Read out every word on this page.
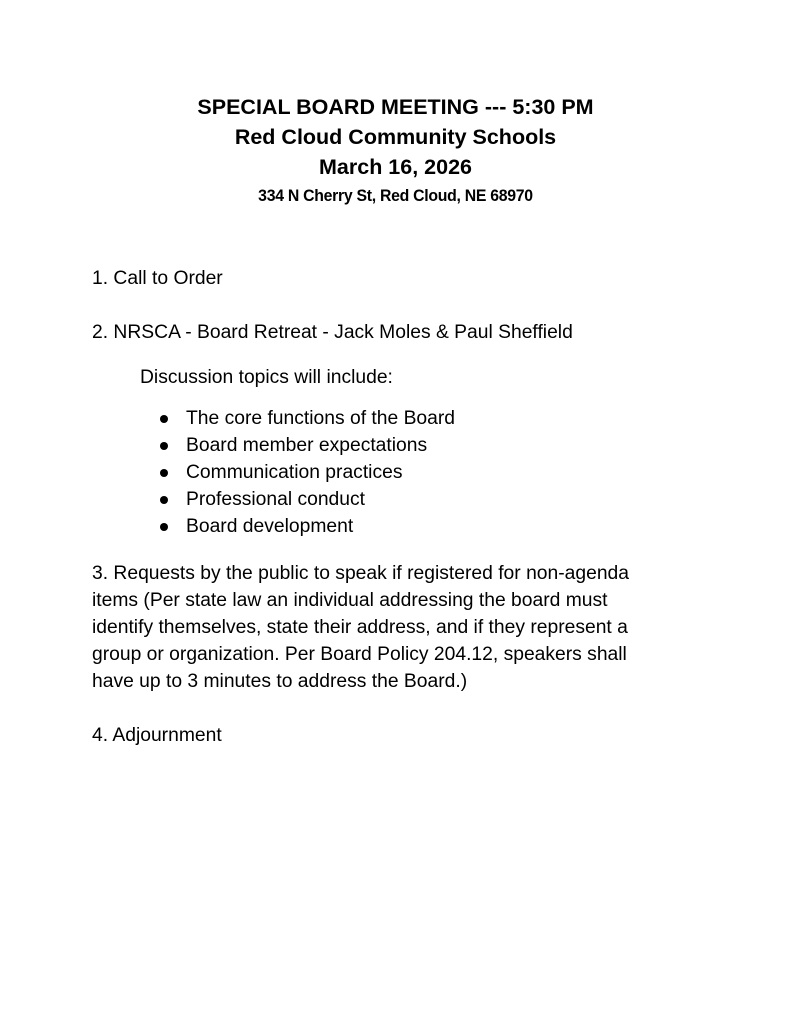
SPECIAL BOARD MEETING --- 5:30 PM
Red Cloud Community Schools
March 16, 2026
334 N Cherry St, Red Cloud, NE 68970
1. Call to Order
2. NRSCA - Board Retreat - Jack Moles & Paul Sheffield
Discussion topics will include:
The core functions of the Board
Board member expectations
Communication practices
Professional conduct
Board development
3. Requests by the public to speak if registered for non-agenda
items (Per state law an individual addressing the board must
identify themselves, state their address, and if they represent a
group or organization. Per Board Policy 204.12, speakers shall
have up to 3 minutes to address the Board.)
4. Adjournment
